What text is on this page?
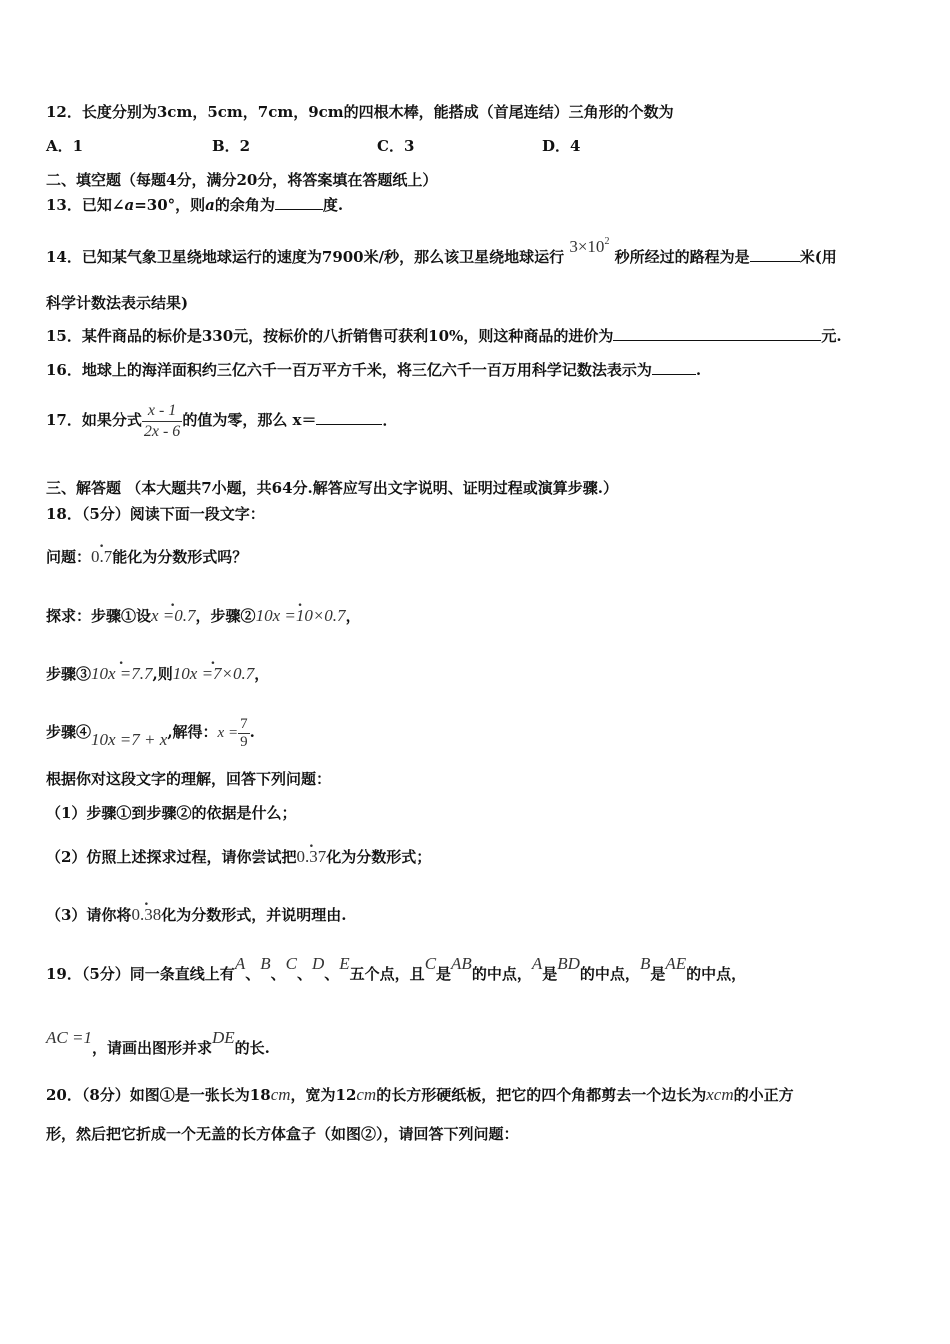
12．长度分别为3cm，5cm，7cm，9cm的四根木棒，能搭成（首尾连结）三角形的个数为
A．1	B．2	C．3	D．4
二、填空题（每题4分，满分20分，将答案填在答题纸上）
13．已知∠a=30°，则a的余角为	度.
14．已知某气象卫星绕地球运行的速度为7900米/秒，那么该卫星绕地球运行 $3\times 10^2$ 秒所经过的路程为是	米(用
科学计数法表示结果)
15．某件商品的标价是330元，按标价的八折销售可获利10%，则这种商品的进价为	元.
16．地球上的海洋面积约三亿六千一百万平方千米，将三亿六千一百万用科学记数法表示为	.
17．如果分式 $\frac{x - 1}{2x - 6}$ 的值为零，那么 x＝	．
三、解答题 （本大题共7小题，共64分.解答应写出文字说明、证明过程或演算步骤.）
18．（5分）阅读下面一段文字：
问题：. 0.7能化为分数形式吗？
探求：步骤①设. x =0.7，步骤②. 10x =10×0.7，
步骤③. 10x =7.7,则. 10x =7×0.7，
步骤④10x =7 + x,解得：$x = \frac{7}{9}$ .
根据你对这段文字的理解，回答下列问题：
（1）步骤①到步骤②的依据是什么；
（2）仿照上述探求过程，请你尝试把. 0.37化为分数形式；
（3）请你将. 0.38化为分数形式，并说明理由.
19．（5分）同一条直线上有A、B、C、D、E五个点，且C是AB的中点，A是BD的中点，B是AE的中点，
AC =1，请画出图形并求DE的长.
20．（8分）如图①是一张长为18cm，宽为12cm的长方形硬纸板，把它的四个角都剪去一个边长为xcm的小正方
形，然后把它折成一个无盖的长方体盒子（如图②），请回答下列问题：
